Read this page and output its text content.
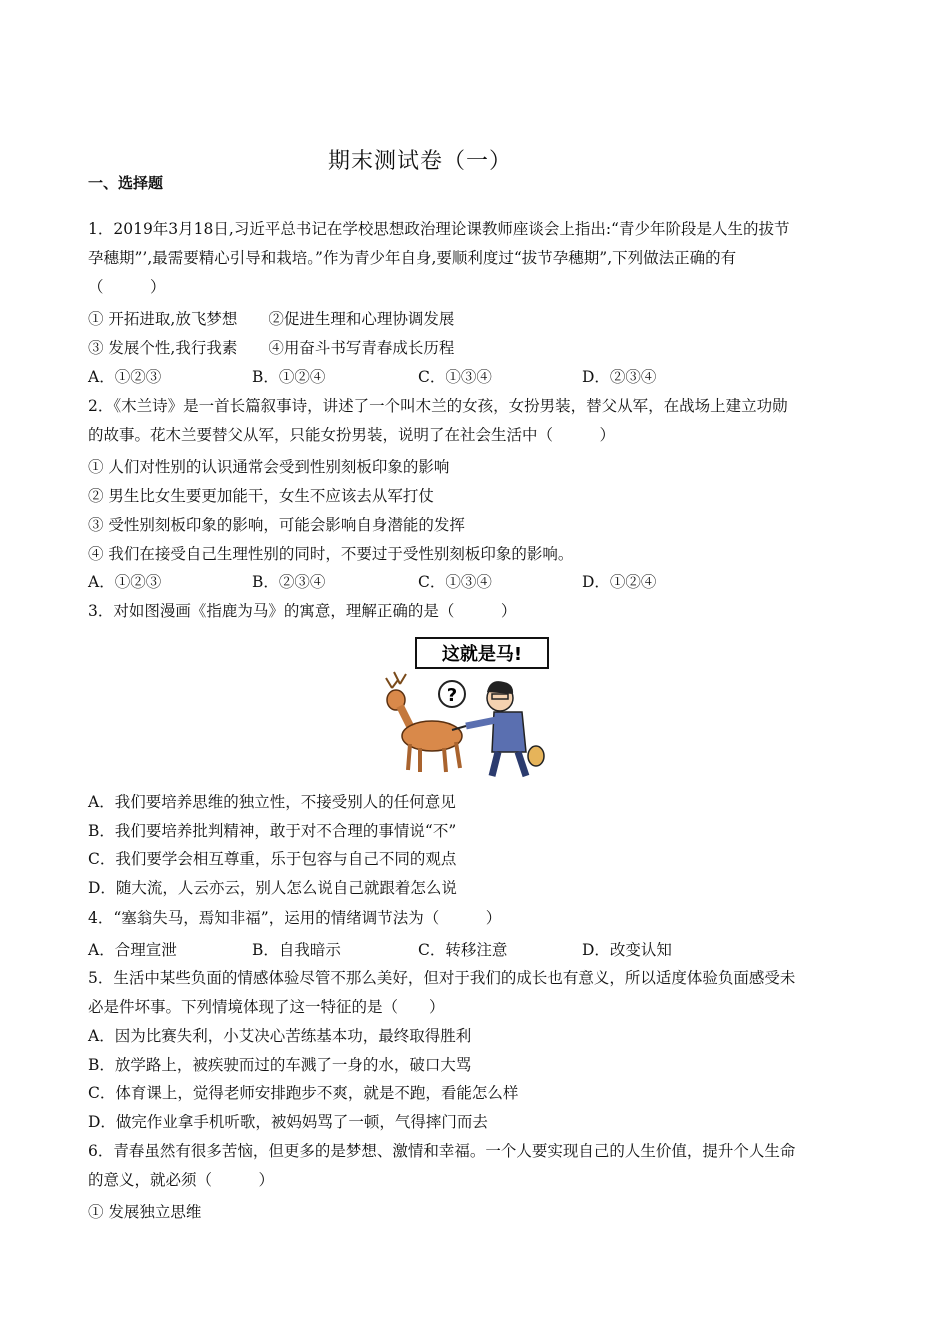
期末测试卷（一）
一、选择题
1．2019年3月18日,习近平总书记在学校思想政治理论课教师座谈会上指出:“青少年阶段是人生的拔节
孕穗期”’,最需要精心引导和栽培。”作为青少年自身,要顺利度过“拔节孕穗期”,下列做法正确的有
（　　　）
① 开拓进取,放飞梦想　　②促进生理和心理协调发展
③ 发展个性,我行我素　　④用奋斗书写青春成长历程
A．①②③	B．①②④	C．①③④	D．②③④
2．《木兰诗》是一首长篇叙事诗，讲述了一个叫木兰的女孩，女扮男装，替父从军，在战场上建立功勋
的故事。花木兰要替父从军，只能女扮男装，说明了在社会生活中（　　　）
① 人们对性别的认识通常会受到性别刻板印象的影响
② 男生比女生要更加能干，女生不应该去从军打仗
③ 受性别刻板印象的影响，可能会影响自身潜能的发挥
④ 我们在接受自己生理性别的同时，不要过于受性别刻板印象的影响。
A．①②③	B．②③④	C．①③④	D．①②④
3．对如图漫画《指鹿为马》的寓意，理解正确的是（　　　）
这就是马!
?
A．我们要培养思维的独立性，不接受别人的任何意见
B．我们要培养批判精神，敢于对不合理的事情说“不”
C．我们要学会相互尊重，乐于包容与自己不同的观点
D．随大流，人云亦云，别人怎么说自己就跟着怎么说
4．“塞翁失马，焉知非福”，运用的情绪调节法为（　　　）
A．合理宣泄	B．自我暗示	C．转移注意	D．改变认知
5．生活中某些负面的情感体验尽管不那么美好，但对于我们的成长也有意义，所以适度体验负面感受未
必是件坏事。下列情境体现了这一特征的是（　　）
A．因为比赛失利，小艾决心苦练基本功，最终取得胜利
B．放学路上，被疾驶而过的车溅了一身的水，破口大骂
C．体育课上，觉得老师安排跑步不爽，就是不跑，看能怎么样
D．做完作业拿手机听歌，被妈妈骂了一顿，气得摔门而去
6．青春虽然有很多苦恼，但更多的是梦想、激情和幸福。一个人要实现自己的人生价值，提升个人生命
的意义，就必须（　　　）
① 发展独立思维
